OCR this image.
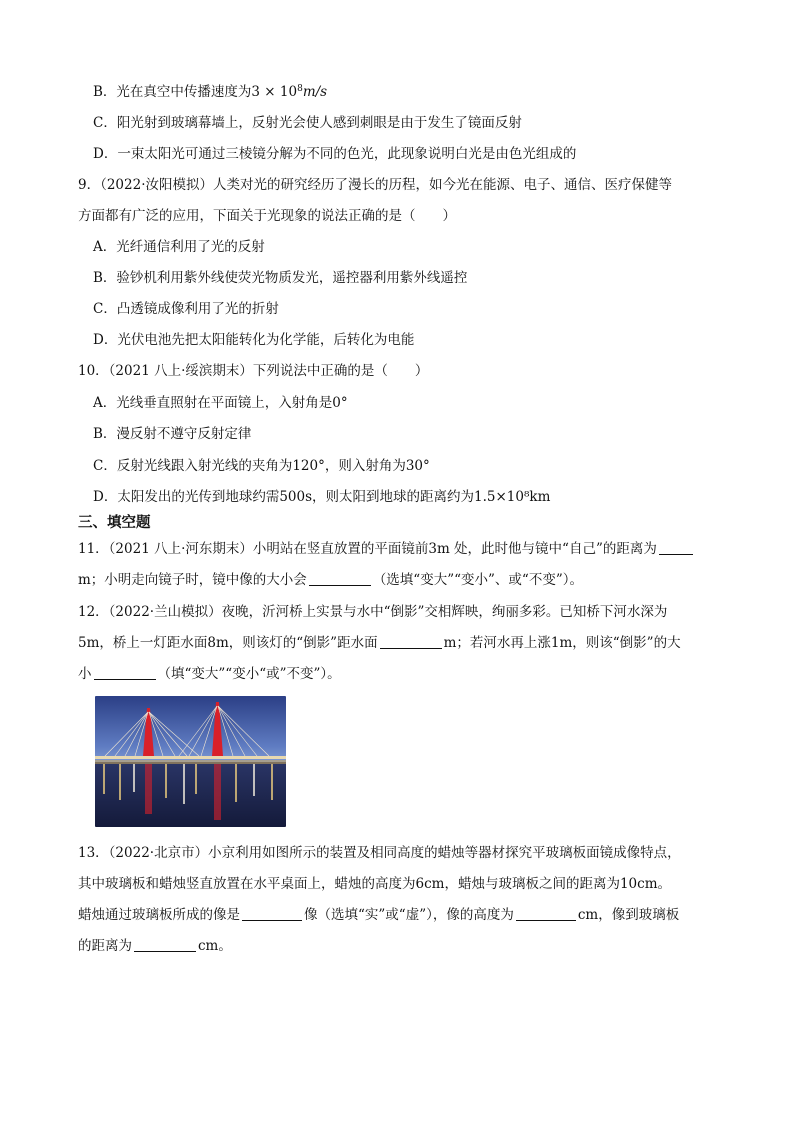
B．光在真空中传播速度为$3 \times 10^8m/s$
C．阳光射到玻璃幕墙上，反射光会使人感到刺眼是由于发生了镜面反射
D．一束太阳光可通过三棱镜分解为不同的色光，此现象说明白光是由色光组成的
9．（2022·汝阳模拟）人类对光的研究经历了漫长的历程，如今光在能源、电子、通信、医疗保健等
方面都有广泛的应用，下面关于光现象的说法正确的是（　　）
A．光纤通信利用了光的反射
B．验钞机利用紫外线使荧光物质发光，遥控器利用紫外线遥控
C．凸透镜成像利用了光的折射
D．光伏电池先把太阳能转化为化学能，后转化为电能
10．（2021 八上·绥滨期末）下列说法中正确的是（　　）
A．光线垂直照射在平面镜上，入射角是0°
B．漫反射不遵守反射定律
C．反射光线跟入射光线的夹角为120°，则入射角为30°
D．太阳发出的光传到地球约需500s，则太阳到地球的距离约为1.5×10⁸km
三、填空题
11．（2021 八上·河东期末）小明站在竖直放置的平面镜前3m 处，此时他与镜中“自己”的距离为
m；小明走向镜子时，镜中像的大小会	（选填“变大”“变小”、或“不变”）。
12．（2022·兰山模拟）夜晚，沂河桥上实景与水中“倒影”交相辉映，绚丽多彩。已知桥下河水深为
5m，桥上一灯距水面8m，则该灯的“倒影”距水面	m；若河水再上涨1m，则该“倒影”的大
小	（填“变大”“变小“或”不变”）。
13．（2022·北京市）小京利用如图所示的装置及相同高度的蜡烛等器材探究平玻璃板面镜成像特点，
其中玻璃板和蜡烛竖直放置在水平桌面上，蜡烛的高度为6cm，蜡烛与玻璃板之间的距离为10cm。
蜡烛通过玻璃板所成的像是	像（选填“实”或“虚”），像的高度为	cm，像到玻璃板
的距离为	cm。
